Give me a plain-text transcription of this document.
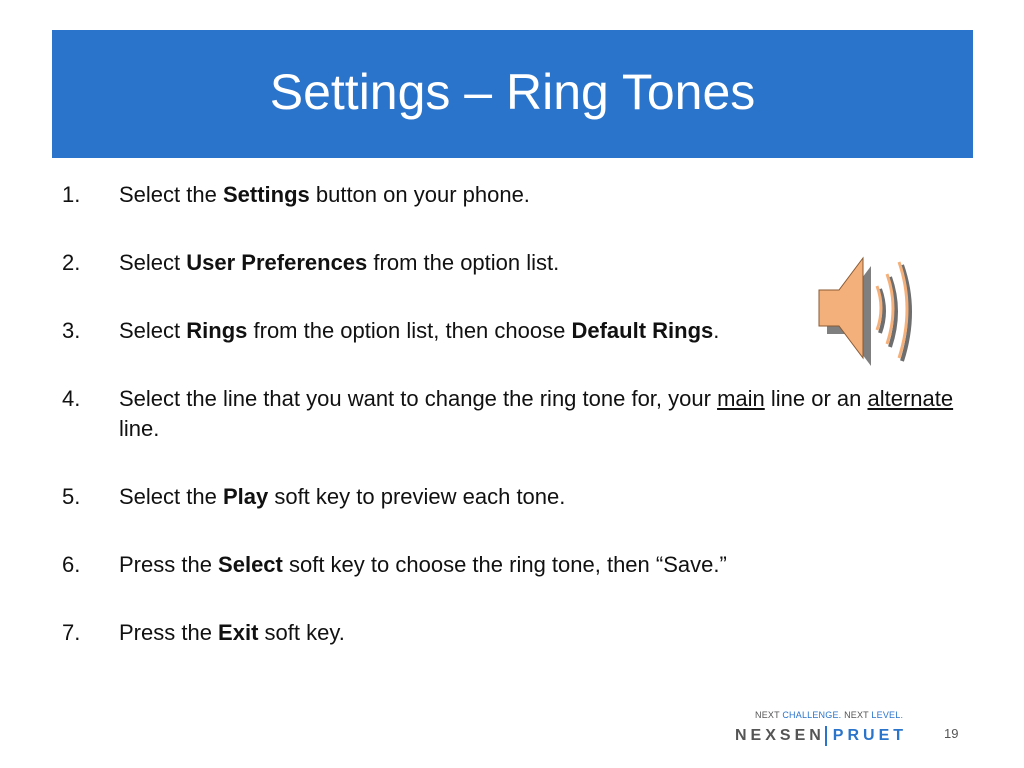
Settings – Ring Tones
1.	Select the Settings button on your phone.
2.	Select User Preferences from the option list.
3.	Select Rings from the option list, then choose Default Rings.
4.	Select the line that you want to change the ring tone for, your main line or an alternate line.
5.	Select the Play soft key to preview each tone.
6.	Press the Select soft key to choose the ring tone, then “Save.”
7.	Press the Exit soft key.
NEXT CHALLENGE. NEXT LEVEL.
NEXSEN PRUET	19
